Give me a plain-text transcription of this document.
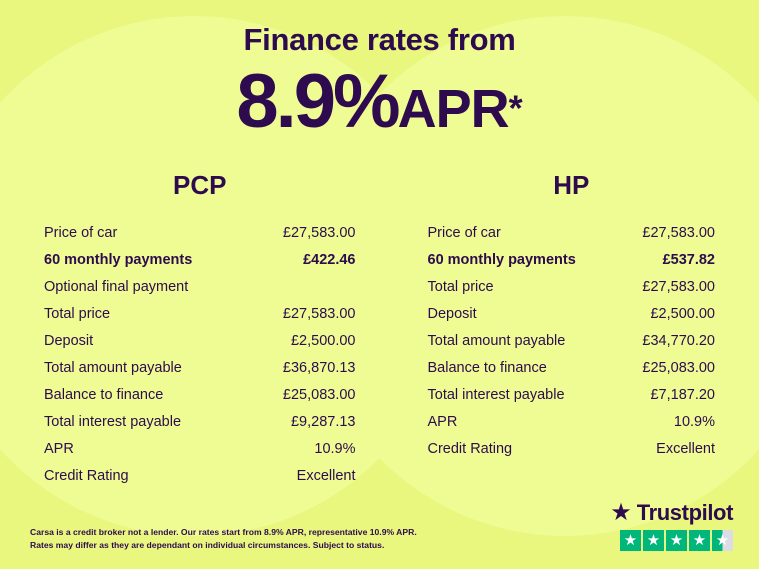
Finance rates from
8.9%APR*
PCP
Price of car	£27,583.00
60 monthly payments	£422.46
Optional final payment
Total price	£27,583.00
Deposit	£2,500.00
Total amount payable	£36,870.13
Balance to finance	£25,083.00
Total interest payable	£9,287.13
APR	10.9%
Credit Rating	Excellent
HP
Price of car	£27,583.00
60 monthly payments	£537.82
Total price	£27,583.00
Deposit	£2,500.00
Total amount payable	£34,770.20
Balance to finance	£25,083.00
Total interest payable	£7,187.20
APR	10.9%
Credit Rating	Excellent
Carsa is a credit broker not a lender. Our rates start from 8.9% APR, representative 10.9% APR.
Rates may differ as they are dependant on individual circumstances. Subject to status.
★ Trustpilot
★ ★ ★ ★ ★
